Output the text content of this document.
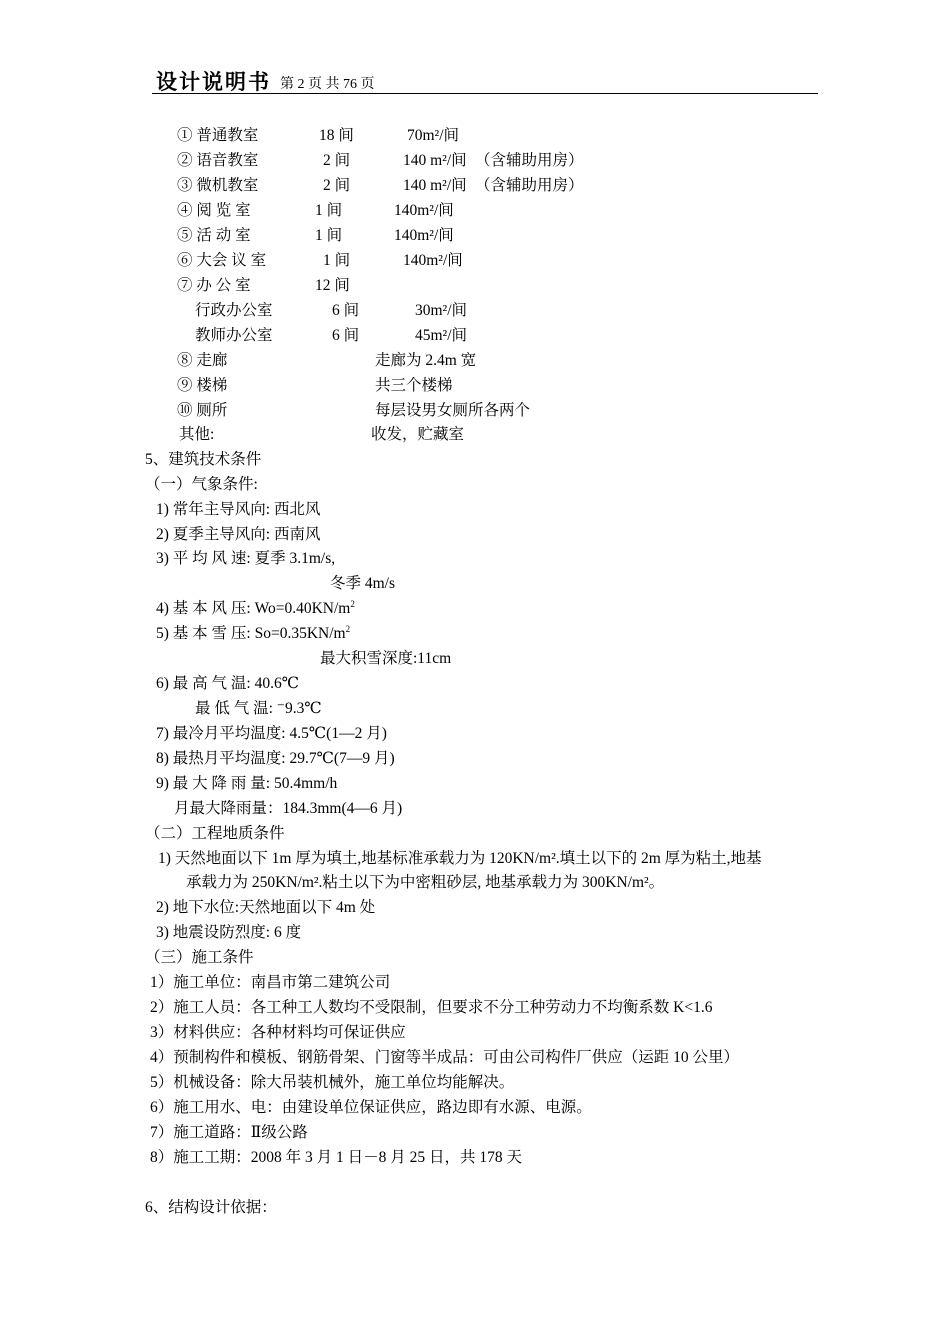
设计说明书 第 2 页 共 76 页
① 普通教室	18 间	70m²/间
② 语音教室	2 间	140 m²/间 （含辅助用房）
③ 微机教室	2 间	140 m²/间 （含辅助用房）
④ 阅 览 室	1 间	140m²/间
⑤ 活 动 室	1 间	140m²/间
⑥ 大会 议 室	1 间	140m²/间
⑦ 办 公 室	12 间
行政办公室	6 间	30m²/间
教师办公室	6 间	45m²/间
⑧ 走廊	走廊为 2.4m 宽
⑨ 楼梯	共三个楼梯
⑩ 厕所	每层设男女厕所各两个
其他:	收发，贮藏室
5、建筑技术条件
（一）气象条件:
1) 常年主导风向: 西北风
2) 夏季主导风向: 西南风
3) 平 均 风 速: 夏季 3.1m/s,
冬季 4m/s
4) 基 本 风 压: $Wo=0.40KN/m^2$
5) 基 本 雪 压: $So=0.35KN/m^2$
最大积雪深度:11cm
6) 最 高 气 温: 40.6℃
最 低 气 温: ⁻9.3℃
7) 最冷月平均温度: 4.5℃(1—2 月)
8) 最热月平均温度: 29.7℃(7—9 月)
9) 最 大 降 雨 量: 50.4mm/h
月最大降雨量：184.3mm(4—6 月)
（二）工程地质条件
1) 天然地面以下 1m 厚为填土,地基标准承载力为 120KN/m².填土以下的 2m 厚为粘土,地基
承载力为 250KN/m².粘土以下为中密粗砂层, 地基承载力为 300KN/m²。
2) 地下水位:天然地面以下 4m 处
3) 地震设防烈度: 6 度
（三）施工条件
1）施工单位：南昌市第二建筑公司
2）施工人员：各工种工人数均不受限制，但要求不分工种劳动力不均衡系数 K<1.6
3）材料供应：各种材料均可保证供应
4）预制构件和模板、钢筋骨架、门窗等半成品：可由公司构件厂供应（运距 10 公里）
5）机械设备：除大吊装机械外，施工单位均能解决。
6）施工用水、电：由建设单位保证供应，路边即有水源、电源。
7）施工道路：Ⅱ级公路
8）施工工期：2008 年 3 月 1 日－8 月 25 日，共 178 天
6、结构设计依据：
